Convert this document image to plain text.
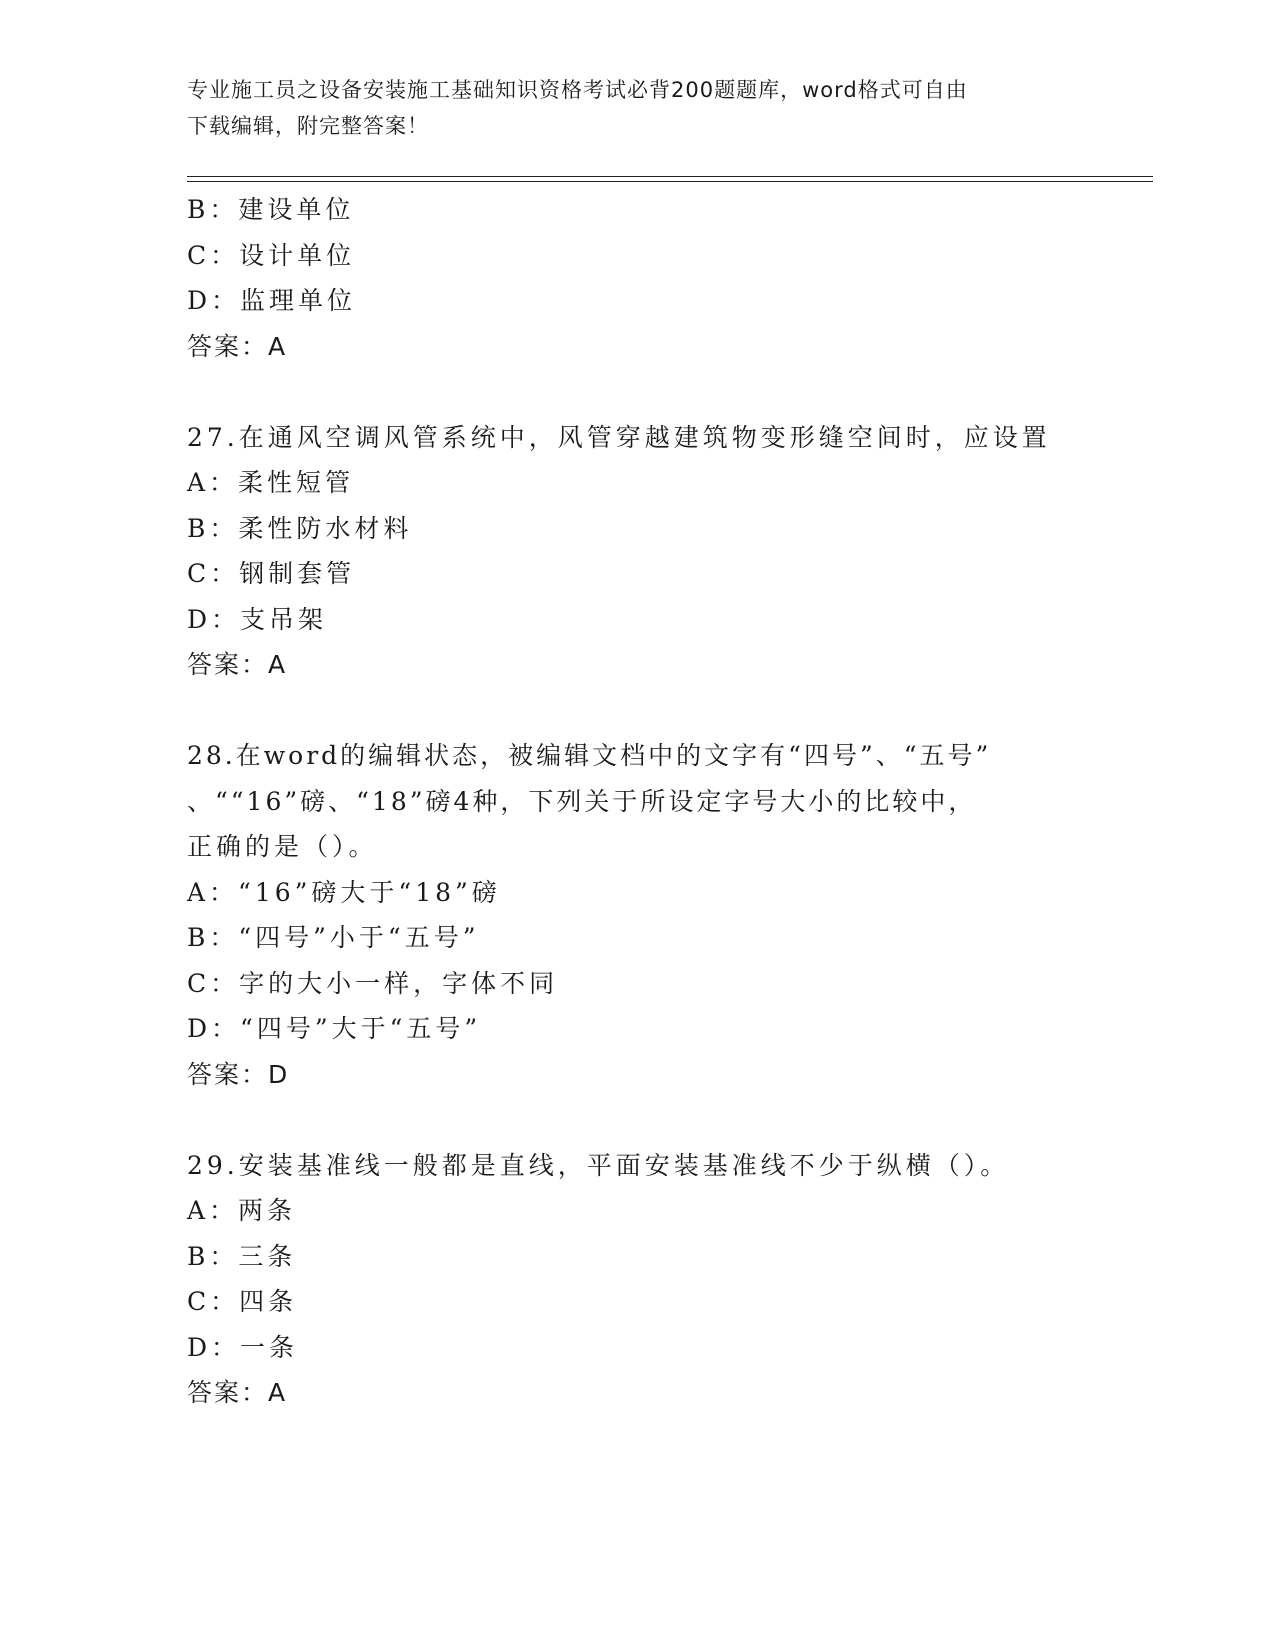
专业施工员之设备安装施工基础知识资格考试必背200题题库，word格式可自由
下载编辑，附完整答案！
B：建设单位
C：设计单位
D：监理单位
答案：A
27.在通风空调风管系统中，风管穿越建筑物变形缝空间时，应设置
A：柔性短管
B：柔性防水材料
C：钢制套管
D：支吊架
答案：A
28.在word的编辑状态，被编辑文档中的文字有“四号”、“五号”
、““16”磅、“18”磅4种，下列关于所设定字号大小的比较中，
正确的是（）。
A：“16”磅大于“18”磅
B：“四号”小于“五号”
C：字的大小一样，字体不同
D：“四号”大于“五号”
答案：D
29.安装基准线一般都是直线，平面安装基准线不少于纵横（）。
A：两条
B：三条
C：四条
D：一条
答案：A
